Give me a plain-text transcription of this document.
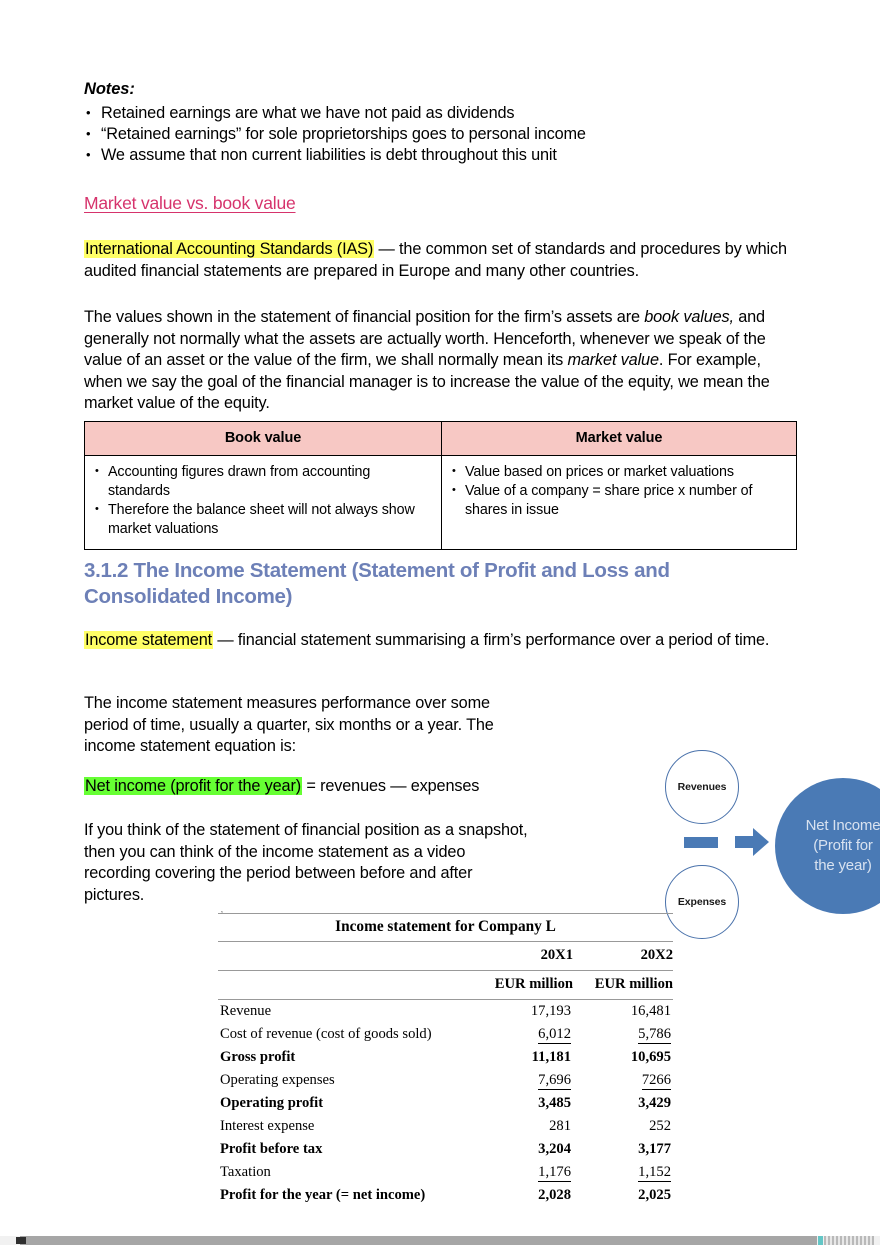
Notes:

• Retained earnings are what we have not paid as dividends
• “Retained earnings” for sole proprietorships goes to personal income
• We assume that non current liabilities is debt throughout this unit
Market value vs. book value

International Accounting Standards (IAS) — the common set of standards and procedures by which audited financial statements are prepared in Europe and many other countries.

The values shown in the statement of financial position for the firm’s assets are book values, and generally not normally what the assets are actually worth. Henceforth, whenever we speak of the value of an asset or the value of the firm, we shall normally mean its market value. For example, when we say the goal of the financial manager is to increase the value of the equity, we mean the market value of the equity.

Book value	Market value

• Accounting figures drawn from accounting standards
• Therefore the balance sheet will not always show market valuations

• Value based on prices or market valuations
• Value of a company = share price x number of shares in issue
3.1.2 The Income Statement (Statement of Profit and Loss and Consolidated Income)

Income statement — financial statement summarising a firm’s performance over a period of time.

The income statement measures performance over some period of time, usually a quarter, six months or a year. The income statement equation is:

Net income (profit for the year) = revenues — expenses

If you think of the statement of financial position as a snapshot, then you can think of the income statement as a video recording covering the period between before and after pictures.

Revenues
Expenses
Net Income
(Profit for
the year)
’
Income statement for Company L		
	20X1	20X2
	EUR million	EUR million
Revenue	17,193	16,481
Cost of revenue (cost of goods sold)	6,012	5,786
Gross profit	11,181	10,695
Operating expenses	7,696	7266
Operating profit	3,485	3,429
Interest expense	281	252
Profit before tax	3,204	3,177
Taxation	1,176	1,152
Profit for the year (= net income)	2,028	2,025
